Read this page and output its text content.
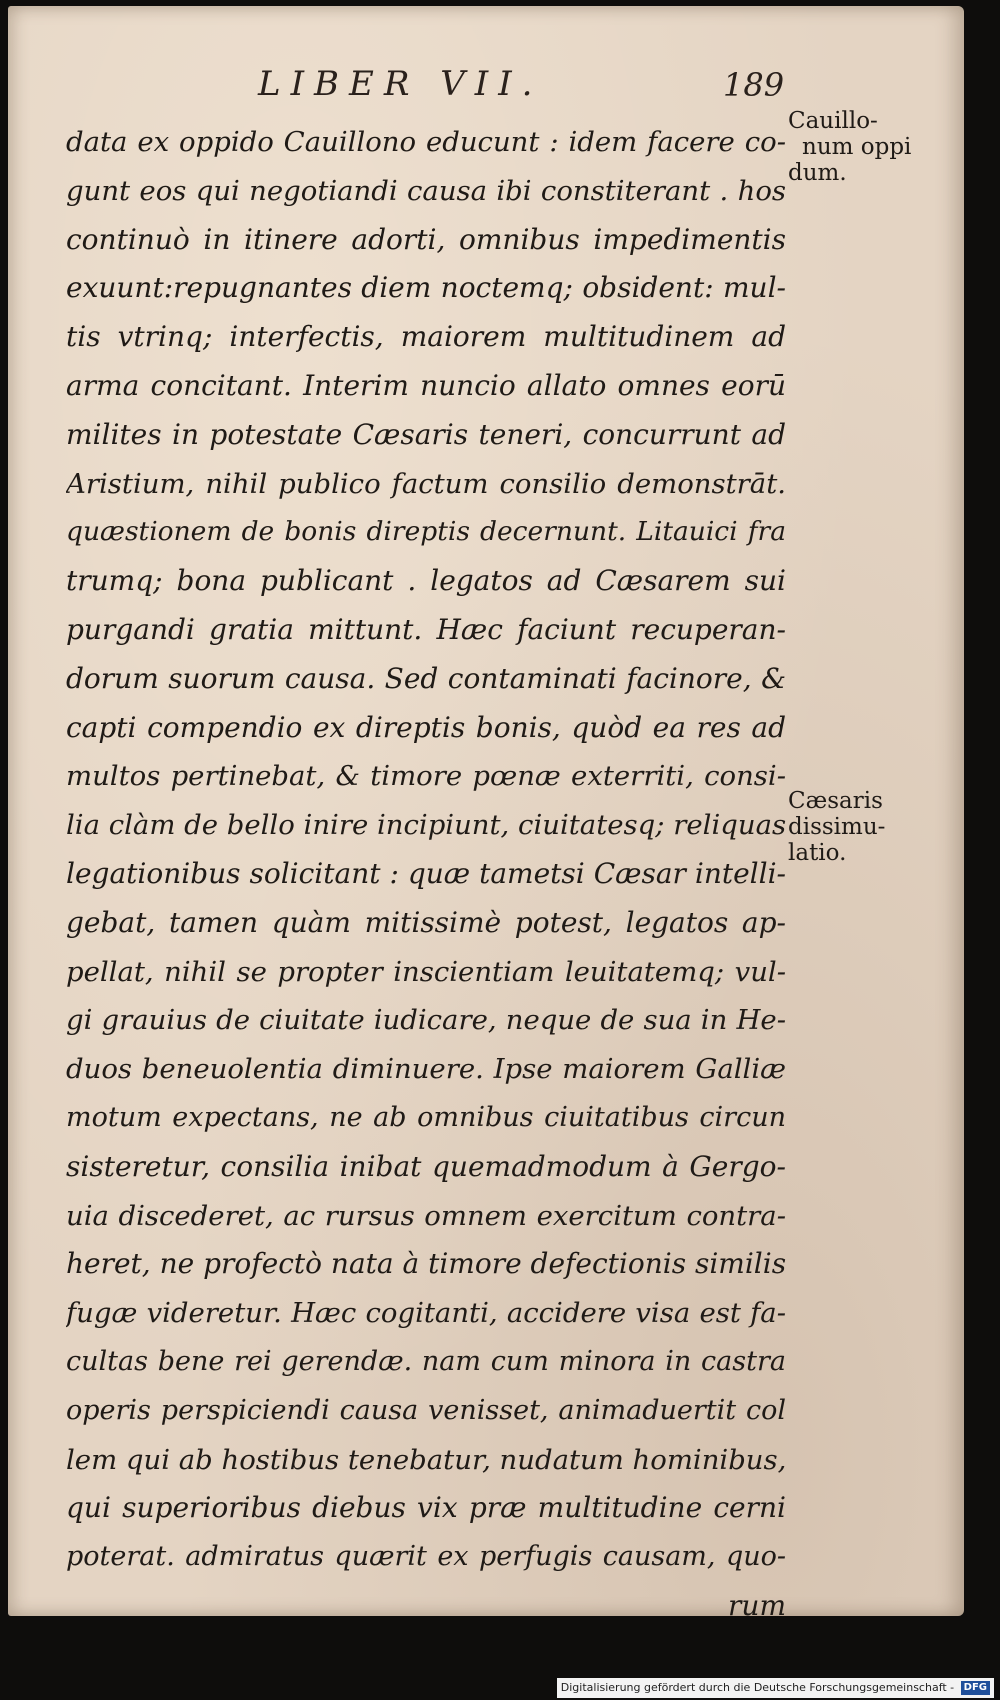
LIBER VII.	189
data ex oppido Cauillono educunt : idem facere co-
gunt eos qui negotiandi causa ibi constiterant . hos
continuò in itinere adorti, omnibus impedimentis
exuunt:repugnantes diem noctemq; obsident: mul-
tis vtrinq; interfectis, maiorem multitudinem ad
arma concitant. Interim nuncio allato omnes eorū
milites in potestate Cæsaris teneri, concurrunt ad
Aristium, nihil publico factum consilio demonstrāt.
quæstionem de bonis direptis decernunt. Litauici fra
trumq; bona publicant . legatos ad Cæsarem sui
purgandi gratia mittunt. Hæc faciunt recuperan-
dorum suorum causa. Sed contaminati facinore, &
capti compendio ex direptis bonis, quòd ea res ad
multos pertinebat, & timore pœnæ exterriti, consi-
lia clàm de bello inire incipiunt, ciuitatesq; reliquas
legationibus solicitant : quæ tametsi Cæsar intelli-
gebat, tamen quàm mitissimè potest, legatos ap-
pellat, nihil se propter inscientiam leuitatemq; vul-
gi grauius de ciuitate iudicare, neque de sua in He-
duos beneuolentia diminuere. Ipse maiorem Galliæ
motum expectans, ne ab omnibus ciuitatibus circun
sisteretur, consilia inibat quemadmodum à Gergo-
uia discederet, ac rursus omnem exercitum contra-
heret, ne profectò nata à timore defectionis similis
fugæ videretur. Hæc cogitanti, accidere visa est fa-
cultas bene rei gerendæ. nam cum minora in castra
operis perspiciendi causa venisset, animaduertit col
lem qui ab hostibus tenebatur, nudatum hominibus,
qui superioribus diebus vix præ multitudine cerni
poterat. admiratus quærit ex perfugis causam, quo-
rum
Cauillo-
num oppi
dum.
Cæsaris
dissimu-
latio.
Digitalisierung gefördert durch die Deutsche Forschungsgemeinschaft - DFG
